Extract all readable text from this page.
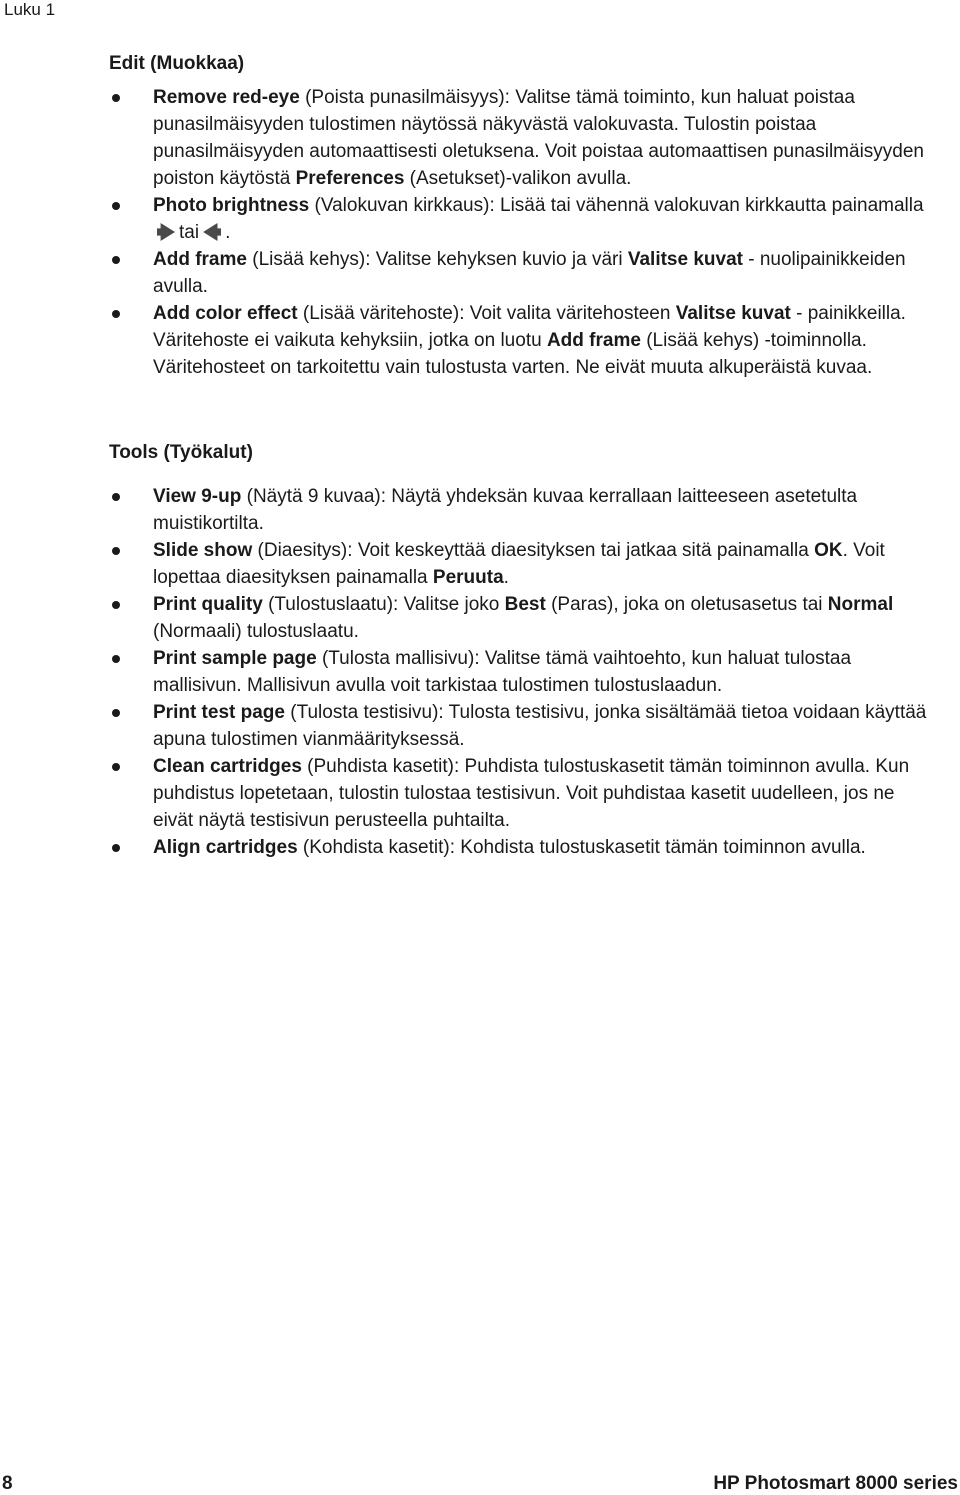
Luku 1
Edit (Muokkaa)
Remove red-eye (Poista punasilmäisyys): Valitse tämä toiminto, kun haluat poistaa punasilmäisyyden tulostimen näytössä näkyvästä valokuvasta. Tulostin poistaa punasilmäisyyden automaattisesti oletuksena. Voit poistaa automaattisen punasilmäisyyden poiston käytöstä Preferences (Asetukset)-valikon avulla.
Photo brightness (Valokuvan kirkkaus): Lisää tai vähennä valokuvan kirkkautta painamallatai .
Add frame (Lisää kehys): Valitse kehyksen kuvio ja väri Valitse kuvat - nuolipainikkeiden avulla.
Add color effect (Lisää väritehoste): Voit valita väritehosteen Valitse kuvat - painikkeilla. Väritehoste ei vaikuta kehyksiin, jotka on luotu Add frame (Lisää kehys) -toiminnolla. Väritehosteet on tarkoitettu vain tulostusta varten. Ne eivät muuta alkuperäistä kuvaa.
Tools (Työkalut)
View 9-up (Näytä 9 kuvaa): Näytä yhdeksän kuvaa kerrallaan laitteeseen asetetulta muistikortilta.
Slide show (Diaesitys): Voit keskeyttää diaesityksen tai jatkaa sitä painamalla OK. Voit lopettaa diaesityksen painamalla Peruuta.
Print quality (Tulostuslaatu): Valitse joko Best (Paras), joka on oletusasetus tai Normal (Normaali) tulostuslaatu.
Print sample page (Tulosta mallisivu): Valitse tämä vaihtoehto, kun haluat tulostaa mallisivun. Mallisivun avulla voit tarkistaa tulostimen tulostuslaadun.
Print test page (Tulosta testisivu): Tulosta testisivu, jonka sisältämää tietoa voidaan käyttää apuna tulostimen vianmäärityksessä.
Clean cartridges (Puhdista kasetit): Puhdista tulostuskasetit tämän toiminnon avulla. Kun puhdistus lopetetaan, tulostin tulostaa testisivun. Voit puhdistaa kasetit uudelleen, jos ne eivät näytä testisivun perusteella puhtailta.
Align cartridges (Kohdista kasetit): Kohdista tulostuskasetit tämän toiminnon avulla.
8	HP Photosmart 8000 series
